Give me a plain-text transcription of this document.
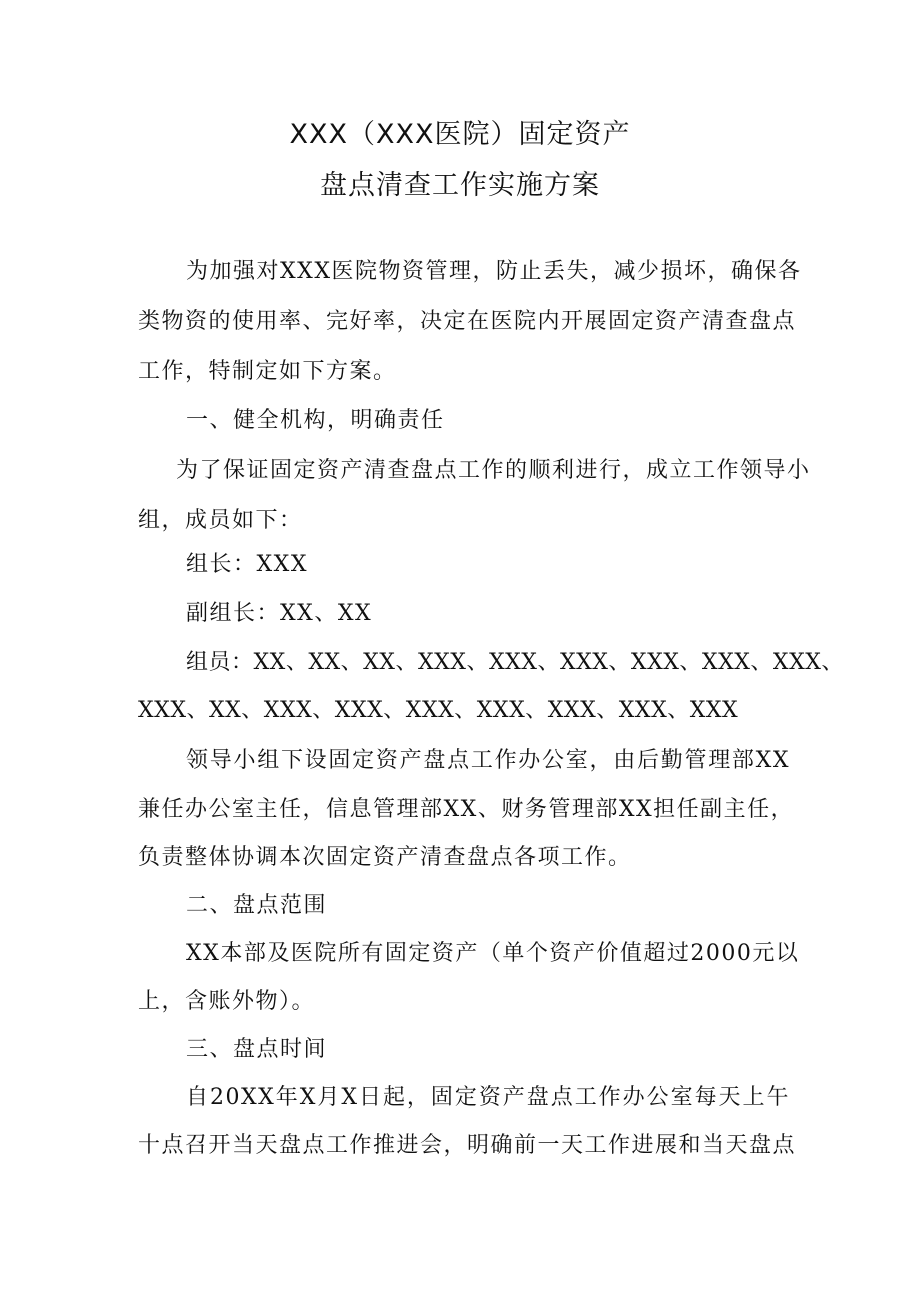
XXX（XXX医院）固定资产
盘点清查工作实施方案

为加强对XXX医院物资管理，防止丢失，减少损坏，确保各

类物资的使用率、完好率，决定在医院内开展固定资产清查盘点

工作，特制定如下方案。

一、健全机构，明确责任

为了保证固定资产清查盘点工作的顺利进行，成立工作领导小

组，成员如下：

组长：XXX

副组长：XX、XX

组员：XX、XX、XX、XXX、XXX、XXX、XXX、XXX、XXX、

XXX、XX、XXX、XXX、XXX、XXX、XXX、XXX、XXX

领导小组下设固定资产盘点工作办公室，由后勤管理部XX

兼任办公室主任，信息管理部XX、财务管理部XX担任副主任，

负责整体协调本次固定资产清查盘点各项工作。

二、盘点范围

XX本部及医院所有固定资产（单个资产价值超过2000元以

上，含账外物）。

三、盘点时间

自20XX年X月X日起，固定资产盘点工作办公室每天上午

十点召开当天盘点工作推进会，明确前一天工作进展和当天盘点
